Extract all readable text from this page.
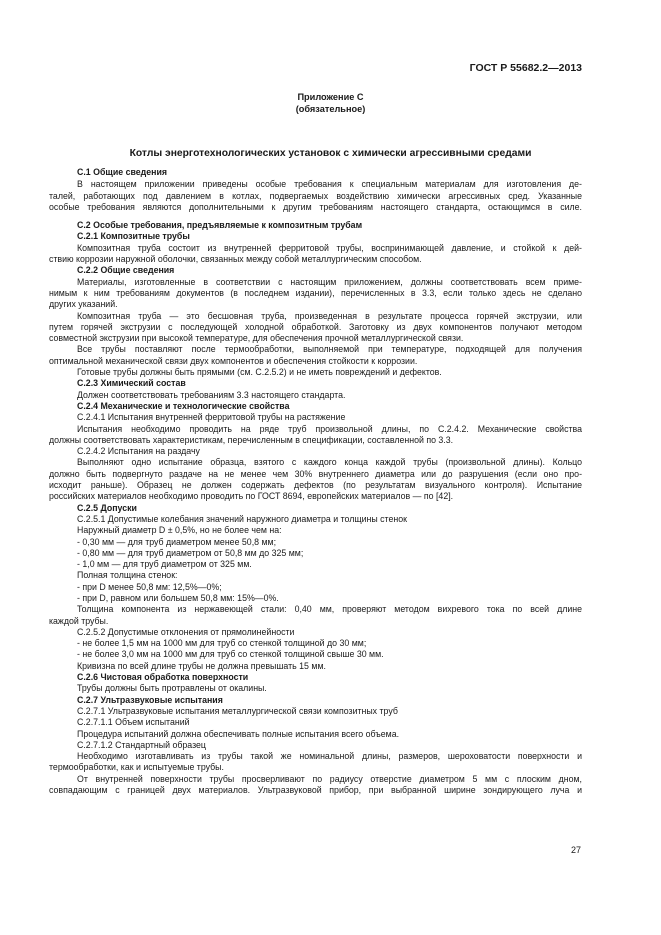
ГОСТ Р 55682.2—2013
Приложение С
(обязательное)
Котлы энерготехнологических установок с химически агрессивными средами
C.1 Общие сведения
В настоящем приложении приведены особые требования к специальным материалам для изготовления де-
талей, работающих под давлением в котлах, подвергаемых воздействию химически агрессивных сред. Указанные
особые требования являются дополнительными к другим требованиям настоящего стандарта, остающимся в силе.
C.2 Особые требования, предъявляемые к композитным трубам
C.2.1 Композитные трубы
Композитная труба состоит из внутренней ферритовой трубы, воспринимающей давление, и стойкой к дей-
ствию коррозии наружной оболочки, связанных между собой металлургическим способом.
C.2.2 Общие сведения
Материалы, изготовленные в соответствии с настоящим приложением, должны соответствовать всем приме-
нимым к ним требованиям документов (в последнем издании), перечисленных в 3.3, если только здесь не сделано
других указаний.
Композитная труба — это бесшовная труба, произведенная в результате процесса горячей экструзии, или
путем горячей экструзии с последующей холодной обработкой. Заготовку из двух компонентов получают методом
совместной экструзии при высокой температуре, для обеспечения прочной металлургической связи.
Все трубы поставляют после термообработки, выполняемой при температуре, подходящей для получения
оптимальной механической связи двух компонентов и обеспечения стойкости к коррозии.
Готовые трубы должны быть прямыми (см. С.2.5.2) и не иметь повреждений и дефектов.
C.2.3 Химический состав
Должен соответствовать требованиям 3.3 настоящего стандарта.
C.2.4 Механические и технологические свойства
C.2.4.1 Испытания внутренней ферритовой трубы на растяжение
Испытания необходимо проводить на ряде труб произвольной длины, по С.2.4.2. Механические свойства
должны соответствовать характеристикам, перечисленным в спецификации, составленной по 3.3.
C.2.4.2 Испытания на раздачу
Выполняют одно испытание образца, взятого с каждого конца каждой трубы (произвольной длины). Кольцо
должно быть подвергнуто раздаче на не менее чем 30% внутреннего диаметра или до разрушения (если оно про-
исходит раньше). Образец не должен содержать дефектов (по результатам визуального контроля). Испытание
российских материалов необходимо проводить по ГОСТ 8694, европейских материалов — по [42].
C.2.5 Допуски
C.2.5.1 Допустимые колебания значений наружного диаметра и толщины стенок
Наружный диаметр D ± 0,5%, но не более чем на:
- 0,30 мм — для труб диаметром менее 50,8 мм;
- 0,80 мм — для труб диаметром от 50,8 мм до 325 мм;
- 1,0 мм — для труб диаметром от 325 мм.
Полная толщина стенок:
- при D менее 50,8 мм: 12,5%—0%;
- при D, равном или большем 50,8 мм: 15%—0%.
Толщина компонента из нержавеющей стали: 0,40 мм, проверяют методом вихревого тока по всей длине
каждой трубы.
C.2.5.2 Допустимые отклонения от прямолинейности
- не более 1,5 мм на 1000 мм для труб со стенкой толщиной до 30 мм;
- не более 3,0 мм на 1000 мм для труб со стенкой толщиной свыше 30 мм.
Кривизна по всей длине трубы не должна превышать 15 мм.
C.2.6 Чистовая обработка поверхности
Трубы должны быть протравлены от окалины.
C.2.7 Ультразвуковые испытания
C.2.7.1 Ультразвуковые испытания металлургической связи композитных труб
C.2.7.1.1 Объем испытаний
Процедура испытаний должна обеспечивать полные испытания всего объема.
C.2.7.1.2 Стандартный образец
Необходимо изготавливать из трубы такой же номинальной длины, размеров, шероховатости поверхности и
термообработки, как и испытуемые трубы.
От внутренней поверхности трубы просверливают по радиусу отверстие диаметром 5 мм с плоским дном,
совпадающим с границей двух материалов. Ультразвуковой прибор, при выбранной ширине зондирующего луча и
27
